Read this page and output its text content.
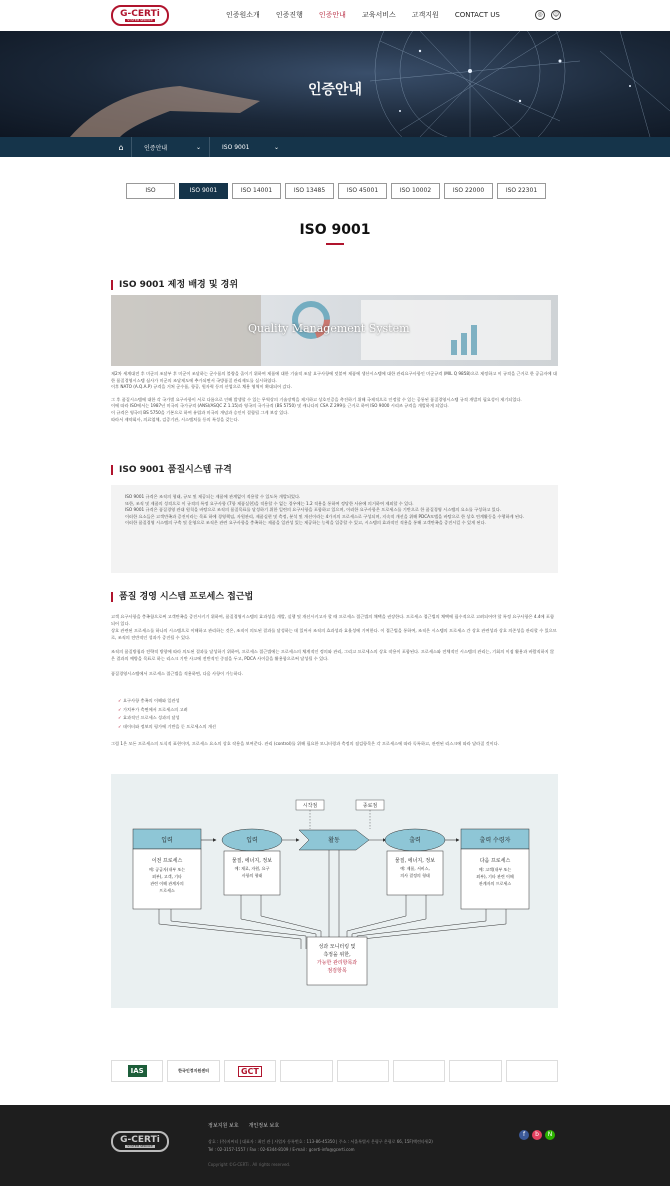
G-CERTi
SYSTEM SERVICE
인증원소개	인증진행	인증안내	교육서비스	고객지원	CONTACT US	◎	☺
인증안내
⌂	인증안내	⌄	ISO 9001	⌄
ISO	ISO 9001	ISO 14001	ISO 13485	ISO 45001	ISO 10002	ISO 22000	ISO 22301
ISO 9001
ISO 9001 제정 배경 및 경위
Quality Management System

제2차 세계대전 후 미군의 조달부 후 미군이 조달하는 군수품의 불량을 줄이기 위하여 제품에 대한 기술적 조달 요구사항에 덧붙여 제품에 생산시스템에 대한 관리요구사항인 미군규격 (MIL Q 9858)으로 제정하고 이 규격을 근거로 한 공급자에 대한 품질경영시스템 심사가 미군의 조달제도에 추가되면서 국방품질 관리제도를 실시하였다.

이후 NATO (A.Q.A.P) 규격을 거쳐 군수품, 항공, 원자력 등의 산업으로 채용 영역이 확대되어 갔다.

그 후 품질시스템에 대한 각 국가별 요구사항이 서로 다름으로 인해 발생할 수 있는 무역상의 기술장벽을 제거하고 상호인증을 촉진하기 위해 국제적으로 인정할 수 있는 공통된 품질경영시스템 규격 개발의 필요성이 제기되었다.

이에 따라 ISO에서는 1987년 미국의 국가규격 (ANSI/ASQC Z 1.15)과 영국의 국가규격 (BS 5750) 및 캐나다의 CSA Z 299를 근거로 하여 ISO 9000 시리즈 규격을 개발하게 되었다.

이 규격은 영국의 BS 5750을 기본으로 하여 유럽과 미국의 개념과 승인이 결합될 그게 보강 있다.

따라서 제약회사, 의료업체, 검증기관, 시스템처를 등의 특성을 갖는다.

ISO 9001 품질시스템 규격

ISO 9001 규격은 조직의 형태, 규모 및 제공되는 제품에 관계없이 적용할 수 있도록 개발되었다.

또한, 조직 및 제품의 성격으로 이 규격의 특정 요구사항 (7항 제품실현)을 적용할 수 없는 경우에는 1.2 적용을 통하여 정당한 사유에 의거하여 제외할 수 있다.

ISO 9001 규격은 품질경영 관대 원칙을 바탕으로 조직의 품질목표를 달성하기 위한 일련의 요구사항을 포함하고 있으며, 이러한 요구사항은 프로세스를 기반으로 한 품질경영 시스템의 요소를 구성하고 있다.

이러한 요소들은 고객만족과 증진이라는 목표 하에 경영책임, 자원관리, 제품실현 및 측정, 분석 및 개선이라는 4가지의 프로세스로 구성되며, 지속적 개선을 위해 PDCA모델을 바탕으로 한 상호 연계활동을 수행하게 된다.

이러한 품질경영 시스템의 구축 및 운영으로 조직은 관련 요구사항을 충족하는 제품을 일관성 있는 제공하는 능력을 입증할 수 있고, 시스템의 효과적인 적용을 통해 고객만족을 증진시킬 수 있게 된다.

품질 경영 시스템 프로세스 접근법

고객 요구사항을 충족함으로써 고객만족을 증진시키기 위하여, 품질경영시스템의 효과성을 개발, 실행 및 개선시키고자 할 때 프로세스 접근법의 채택을 권장한다. 프로세스 접근법의 채택에 필수적으로 고려되어야 할 특정 요구사항은 4.4에 포함되어 있다.

상호 관련된 프로세스를 하나의 시스템으로 이해하고 관리하는 것은, 조직이 의도된 결과를 달성하는 데 있어서 조직의 효과성과 효율성에 기여한다. 이 접근법을 통하여, 조직은 시스템의 프로세스 간 상호 관련성과 상호 의존성을 관리할 수 있으므로, 조직의 전반적인 성과가 증진될 수 있다.

조직의 품질방침과 전략적 방향에 따라 의도된 결과를 달성하기 위하여, 프로세스 접근법에는 프로세스의 체계적인 정의와 관리, 그리고 프로세스의 상호 작용이 포함된다. 프로세스와 전체적인 시스템의 관리는, 기회의 이점 활용과 바람직하지 않은 결과의 예방을 목표로 하는 리스크 기반 사고에 전반적인 중점을 두고, PDCA 사이클을 활용함으로써 달성될 수 있다.

품질경영시스템에서 프로세스 접근법을 적용하면, 다음 사항이 가능하다.

✓ 요구사항 충족의 이해와 일관성
✓ 가치부가 측면에서 프로세스의 고려
✓ 효과적인 프로세스 성과의 달성
✓ 데이터와 정보의 평가에 기반을 둔 프로세스의 개선
그림 1은 모든 프로세스의 도식적 표현이며, 프로세스 요소의 상호 작용을 보여준다. 관리 (control)를 위해 필요한 모니터링과 측정의 점검항목은 각 프로세스에 따라 독특하고, 관련된 리스크에 따라 달라질 것이다.
시작점	종료점
입력
이전 프로세스
예: 공급자(내부 또는
외부), 고객, 기타
관련 이해 관계자의
프로세스
입력
물질, 에너지, 정보
예: 재료, 자원, 요구
사항의 형태
활동	출력
물질, 에너지, 정보
예: 제품, 서비스,
의사 결정의 형태
출력 수령자
다음 프로세스
예: 고객(내부 또는
외부), 기타 관련 이해
관계자의 프로세스
성과 모니터링 및
측정을 위한,
가능한 관리항목과
점검항목
IAS	한국인정지원센터	GCT
G-CERTi
SYSTEM SERVICE
정보지원 보호 개인정보 보호

상호 : (주)지씨티 | 대표자 : 최인 관 | 사업자 등록번호 : 113-86-45350 | 주소 : 서울특별시 은평구 은평로 66, 15F(백련타워2)

Tel : 02-3157-1557 / Fax : 02-6344-8109 / E-mail : gcerti-info@gcerti.com

Copyright ©G-CERTi . All rights reserved.
f	b	N
